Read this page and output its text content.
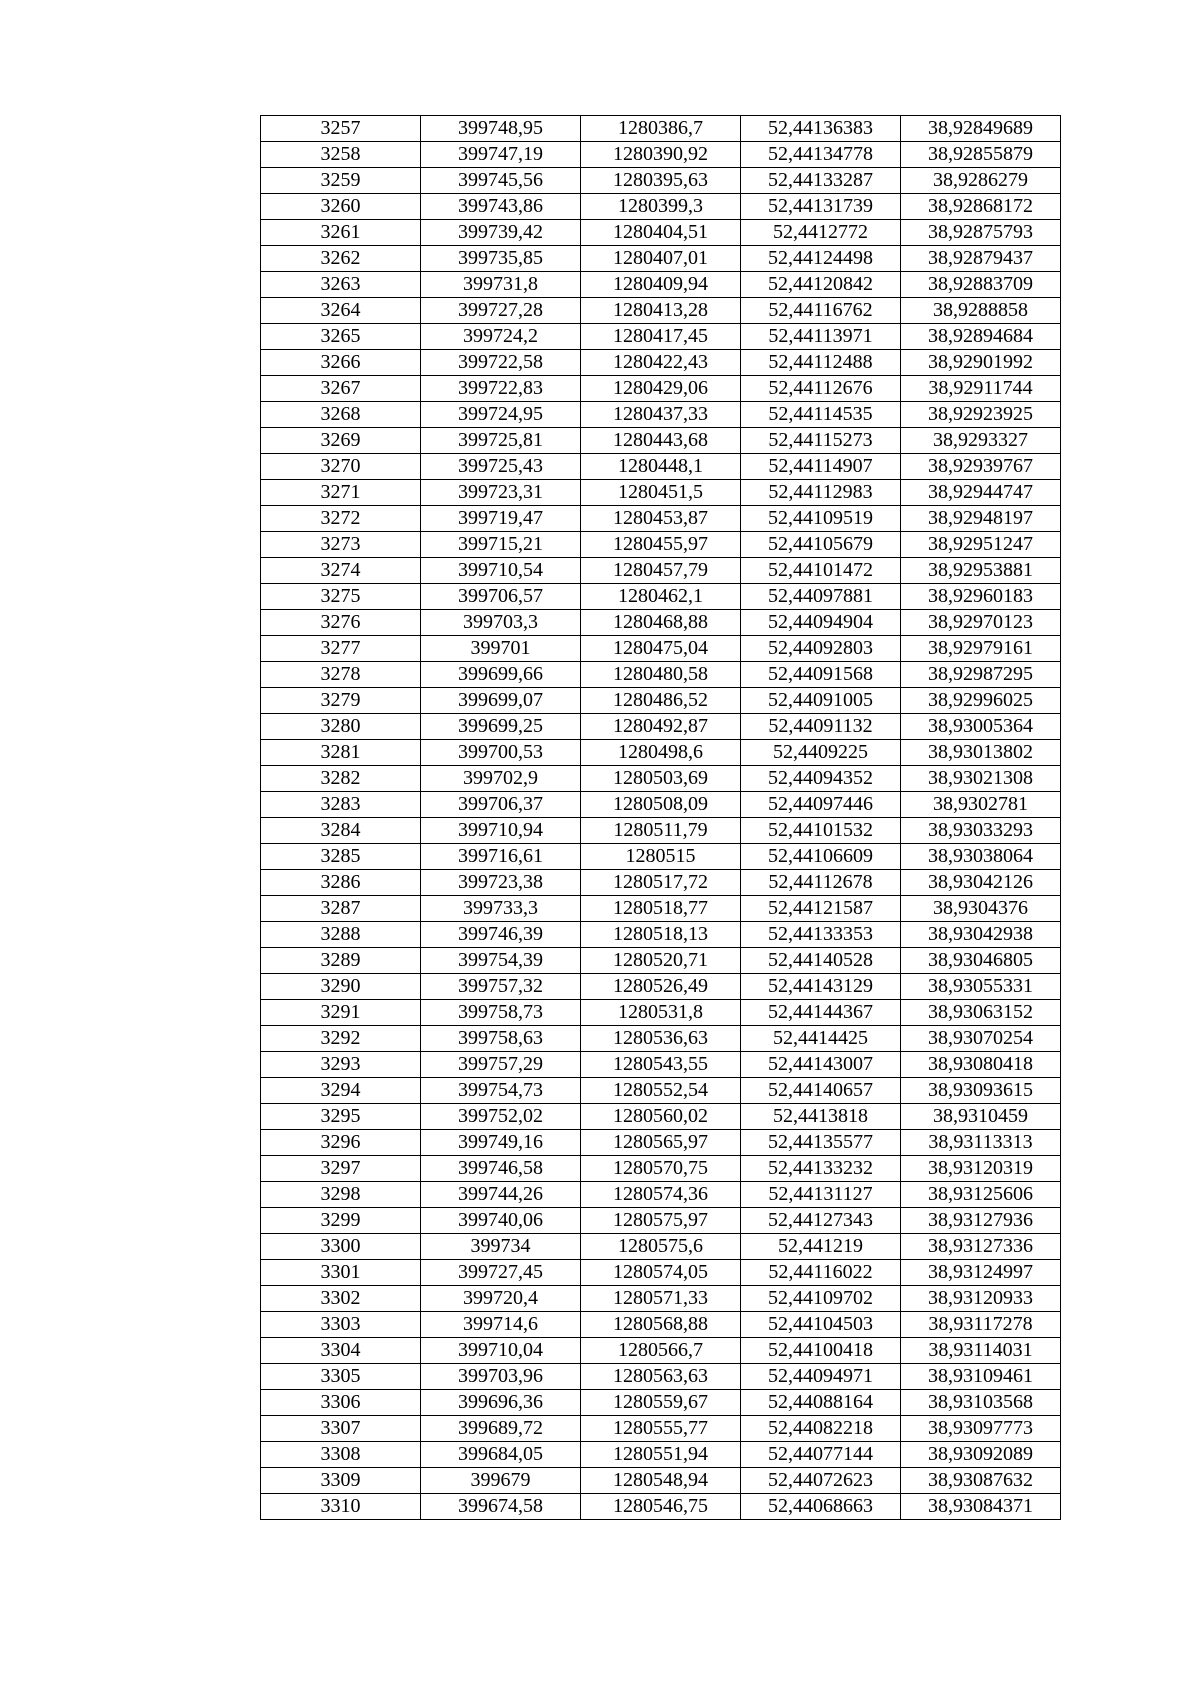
3257	399748,95	1280386,7	52,44136383	38,92849689
3258	399747,19	1280390,92	52,44134778	38,92855879
3259	399745,56	1280395,63	52,44133287	38,9286279
3260	399743,86	1280399,3	52,44131739	38,92868172
3261	399739,42	1280404,51	52,4412772	38,92875793
3262	399735,85	1280407,01	52,44124498	38,92879437
3263	399731,8	1280409,94	52,44120842	38,92883709
3264	399727,28	1280413,28	52,44116762	38,9288858
3265	399724,2	1280417,45	52,44113971	38,92894684
3266	399722,58	1280422,43	52,44112488	38,92901992
3267	399722,83	1280429,06	52,44112676	38,92911744
3268	399724,95	1280437,33	52,44114535	38,92923925
3269	399725,81	1280443,68	52,44115273	38,9293327
3270	399725,43	1280448,1	52,44114907	38,92939767
3271	399723,31	1280451,5	52,44112983	38,92944747
3272	399719,47	1280453,87	52,44109519	38,92948197
3273	399715,21	1280455,97	52,44105679	38,92951247
3274	399710,54	1280457,79	52,44101472	38,92953881
3275	399706,57	1280462,1	52,44097881	38,92960183
3276	399703,3	1280468,88	52,44094904	38,92970123
3277	399701	1280475,04	52,44092803	38,92979161
3278	399699,66	1280480,58	52,44091568	38,92987295
3279	399699,07	1280486,52	52,44091005	38,92996025
3280	399699,25	1280492,87	52,44091132	38,93005364
3281	399700,53	1280498,6	52,4409225	38,93013802
3282	399702,9	1280503,69	52,44094352	38,93021308
3283	399706,37	1280508,09	52,44097446	38,9302781
3284	399710,94	1280511,79	52,44101532	38,93033293
3285	399716,61	1280515	52,44106609	38,93038064
3286	399723,38	1280517,72	52,44112678	38,93042126
3287	399733,3	1280518,77	52,44121587	38,9304376
3288	399746,39	1280518,13	52,44133353	38,93042938
3289	399754,39	1280520,71	52,44140528	38,93046805
3290	399757,32	1280526,49	52,44143129	38,93055331
3291	399758,73	1280531,8	52,44144367	38,93063152
3292	399758,63	1280536,63	52,4414425	38,93070254
3293	399757,29	1280543,55	52,44143007	38,93080418
3294	399754,73	1280552,54	52,44140657	38,93093615
3295	399752,02	1280560,02	52,4413818	38,9310459
3296	399749,16	1280565,97	52,44135577	38,93113313
3297	399746,58	1280570,75	52,44133232	38,93120319
3298	399744,26	1280574,36	52,44131127	38,93125606
3299	399740,06	1280575,97	52,44127343	38,93127936
3300	399734	1280575,6	52,441219	38,93127336
3301	399727,45	1280574,05	52,44116022	38,93124997
3302	399720,4	1280571,33	52,44109702	38,93120933
3303	399714,6	1280568,88	52,44104503	38,93117278
3304	399710,04	1280566,7	52,44100418	38,93114031
3305	399703,96	1280563,63	52,44094971	38,93109461
3306	399696,36	1280559,67	52,44088164	38,93103568
3307	399689,72	1280555,77	52,44082218	38,93097773
3308	399684,05	1280551,94	52,44077144	38,93092089
3309	399679	1280548,94	52,44072623	38,93087632
3310	399674,58	1280546,75	52,44068663	38,93084371
